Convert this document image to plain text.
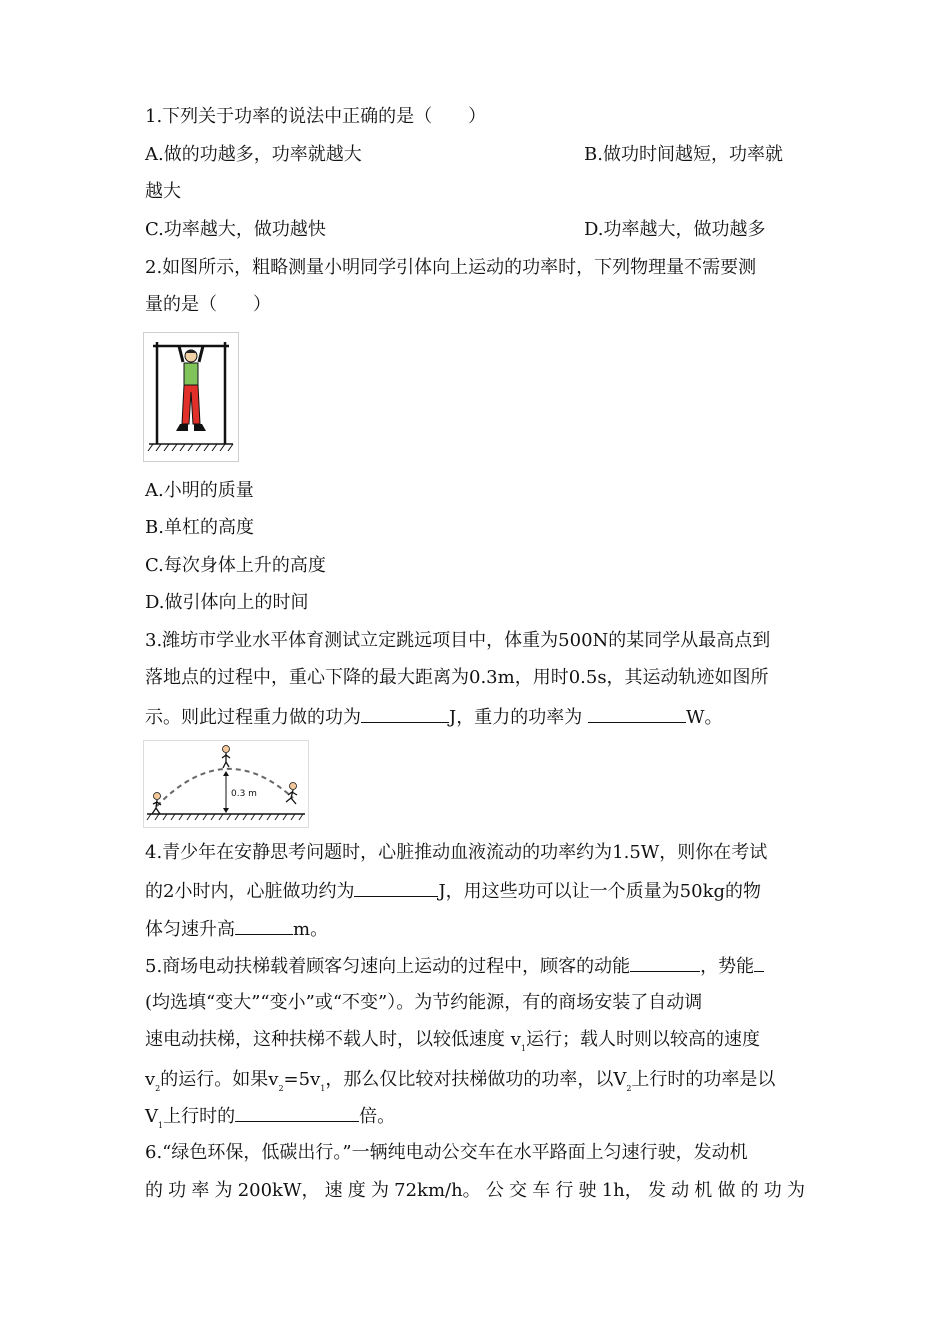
1.下列关于功率的说法中正确的是（　　）
A.做的功越多，功率就越大	B.做功时间越短，功率就
越大
C.功率越大，做功越快	D.功率越大，做功越多
2.如图所示，粗略测量小明同学引体向上运动的功率时，下列物理量不需要测
量的是（　　）
A.小明的质量
B.单杠的高度
C.每次身体上升的高度
D.做引体向上的时间
3.潍坊市学业水平体育测试立定跳远项目中，体重为500N的某同学从最高点到
落地点的过程中，重心下降的最大距离为0.3m，用时0.5s，其运动轨迹如图所
示。则此过程重力做的功为	J，重力的功率为	W。
0.3 m
4.青少年在安静思考问题时，心脏推动血液流动的功率约为1.5W，则你在考试
的2小时内，心脏做功约为	J，用这些功可以让一个质量为50kg的物
体匀速升高	m。
5.商场电动扶梯载着顾客匀速向上运动的过程中，顾客的动能	，势能
(均选填“变大”“变小”或“不变”）。为节约能源，有的商场安装了自动调
速电动扶梯，这种扶梯不载人时，以较低速度 $v_1$运行；载人时则以较高的速度
$v_2$的运行。如果$v_2=5v_1$，那么仅比较对扶梯做功的功率，以$V_2$上行时的功率是以
$V_1$上行时的	倍。
6.“绿色环保，低碳出行。”一辆纯电动公交车在水平路面上匀速行驶，发动机
的 功 率 为 200kW， 速 度 为 72km/h。 公 交 车 行 驶 1h， 发 动 机 做 的 功 为
